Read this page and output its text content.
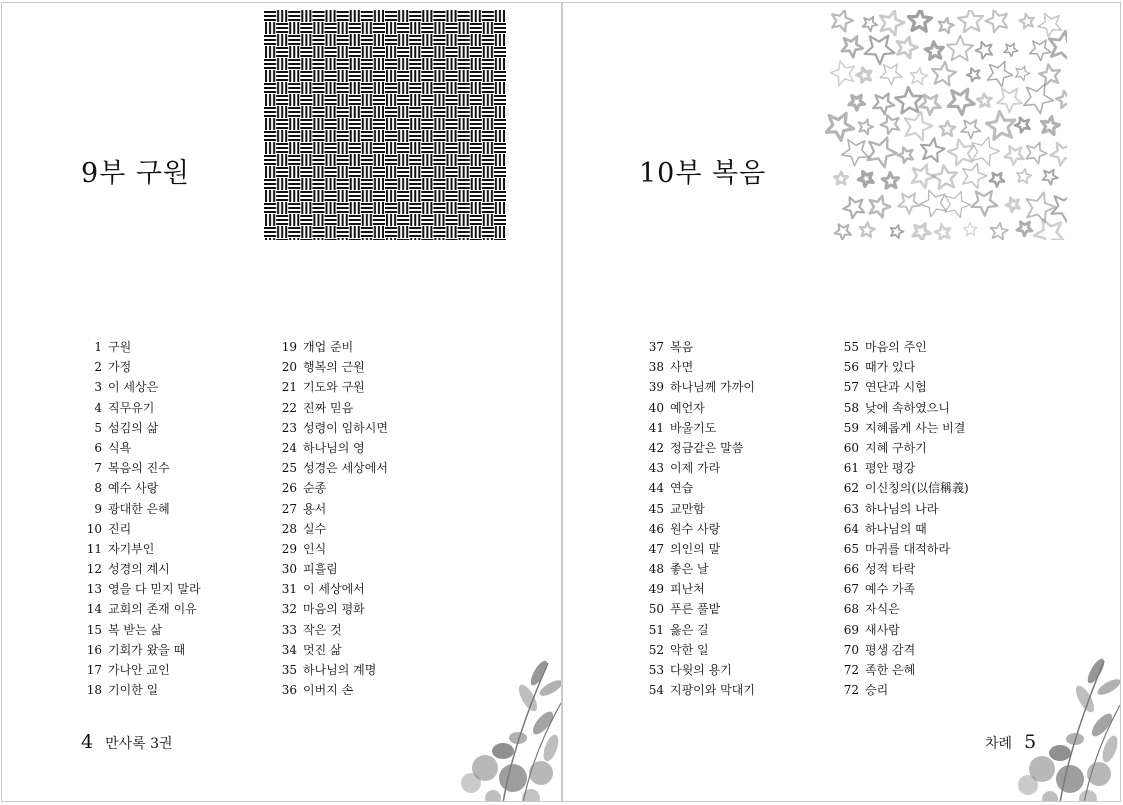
9부 구원
1 구원
2 가정
3 이 세상은
4 직무유기
5 섬김의 삶
6 식욕
7 복음의 진수
8 예수 사랑
9 광대한 은혜
10 진리
11 자기부인
12 성경의 계시
13 영을 다 믿지 말라
14 교회의 존재 이유
15 복 받는 삶
16 기회가 왔을 때
17 가나안 교인
18 기이한 일
19 개업 준비
20 행복의 근원
21 기도와 구원
22 진짜 믿음
23 성령이 임하시면
24 하나님의 영
25 성경은 세상에서
26 순종
27 용서
28 실수
29 인식
30 피흘림
31 이 세상에서
32 마음의 평화
33 작은 것
34 멋진 삶
35 하나님의 계명
36 이버지 손
4 만사록 3권
10부 복음
37 복음
38 사면
39 하나님께 가까이
40 예언자
41 바울기도
42 정금같은 말씀
43 이제 가라
44 연습
45 교만함
46 원수 사랑
47 의인의 말
48 좋은 날
49 피난처
50 푸른 풀밭
51 옳은 길
52 악한 일
53 다윗의 용기
54 지팡이와 막대기
55 마음의 주인
56 때가 있다
57 연단과 시험
58 낮에 속하였으니
59 지혜롭게 사는 비결
60 지혜 구하기
61 평안 평강
62 이신칭의(以信稱義)
63 하나님의 나라
64 하나님의 때
65 마귀를 대적하라
66 성적 타락
67 예수 가족
68 자식은
69 새사람
70 평생 감격
72 족한 은혜
72 승리
차례 5
